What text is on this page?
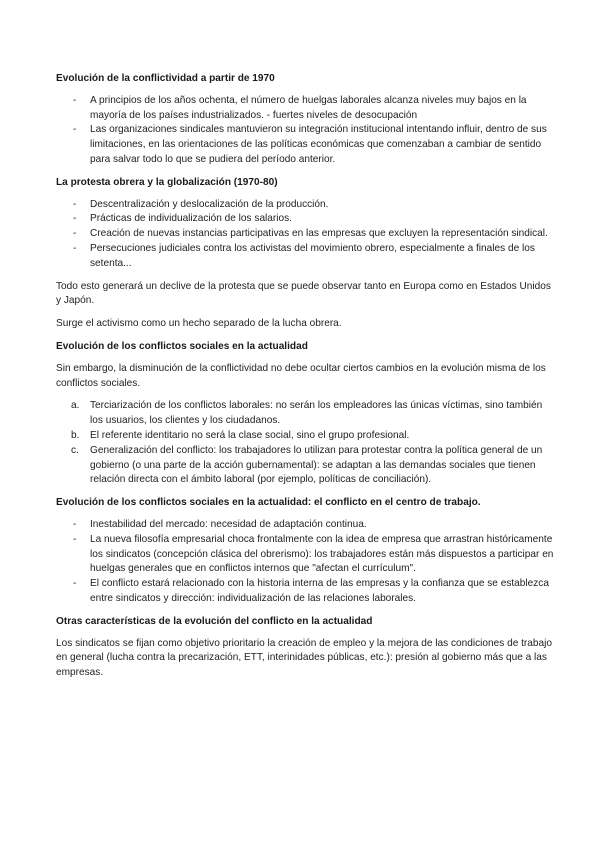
Evolución de la conflictividad a partir de 1970
- A principios de los años ochenta, el número de huelgas laborales alcanza niveles muy bajos en la mayoría de los países industrializados. - fuertes niveles de desocupación
- Las organizaciones sindicales mantuvieron su integración institucional intentando influir, dentro de sus limitaciones, en las orientaciones de las políticas económicas que comenzaban a cambiar de sentido para salvar todo lo que se pudiera del período anterior.
La protesta obrera y la globalización (1970-80)
- Descentralización y deslocalización de la producción.
- Prácticas de individualización de los salarios.
- Creación de nuevas instancias participativas en las empresas que excluyen la representación sindical.
- Persecuciones judiciales contra los activistas del movimiento obrero, especialmente a finales de los setenta...

Todo esto generará un declive de la protesta que se puede observar tanto en Europa como en Estados Unidos y Japón.

Surge el activismo como un hecho separado de la lucha obrera.

Evolución de los conflictos sociales en la actualidad

Sin embargo, la disminución de la conflictividad no debe ocultar ciertos cambios en la evolución misma de los conflictos sociales.

a. Terciarización de los conflictos laborales: no serán los empleadores las únicas víctimas, sino también los usuarios, los clientes y los ciudadanos.
b. El referente identitario no será la clase social, sino el grupo profesional.
c. Generalización del conflicto: los trabajadores lo utilizan para protestar contra la política general de un gobierno (o una parte de la acción gubernamental): se adaptan a las demandas sociales que tienen relación directa con el ámbito laboral (por ejemplo, políticas de conciliación).
Evolución de los conflictos sociales en la actualidad: el conflicto en el centro de trabajo.
- Inestabilidad del mercado: necesidad de adaptación continua.
- La nueva filosofía empresarial choca frontalmente con la idea de empresa que arrastran históricamente los sindicatos (concepción clásica del obrerismo): los trabajadores están más dispuestos a participar en huelgas generales que en conflictos internos que "afectan el currículum".
- El conflicto estará relacionado con la historia interna de las empresas y la confianza que se establezca entre sindicatos y dirección: individualización de las relaciones laborales.
Otras características de la evolución del conflicto en la actualidad

Los sindicatos se fijan como objetivo prioritario la creación de empleo y la mejora de las condiciones de trabajo en general (lucha contra la precarización, ETT, interinidades públicas, etc.): presión al gobierno más que a las empresas.
